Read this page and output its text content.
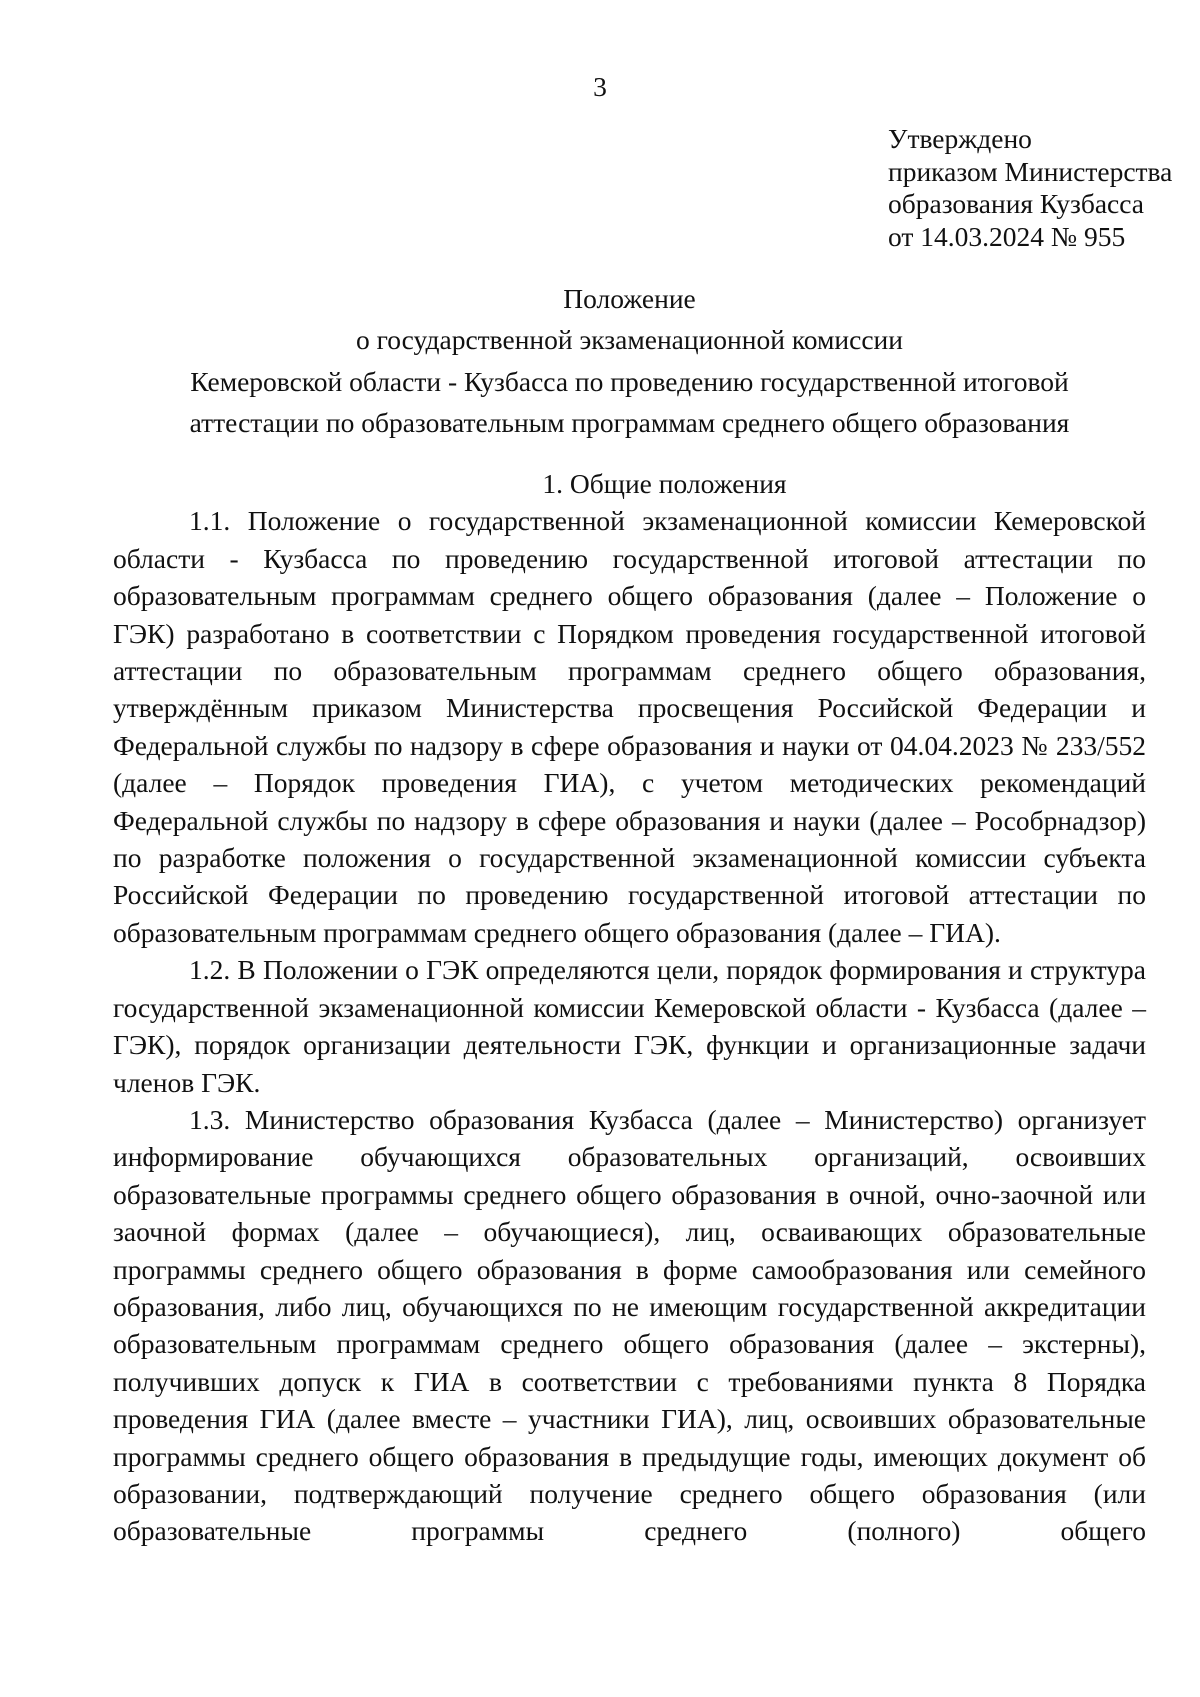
3
Утверждено
приказом Министерства
образования Кузбасса
от 14.03.2024 № 955
Положение
о государственной экзаменационной комиссии
Кемеровской области - Кузбасса по проведению государственной итоговой
аттестации по образовательным программам среднего общего образования
1. Общие положения

1.1. Положение о государственной экзаменационной комиссии Кемеровской области - Кузбасса по проведению государственной итоговой аттестации по образовательным программам среднего общего образования (далее – Положение о ГЭК) разработано в соответствии с Порядком проведения государственной итоговой аттестации по образовательным программам среднего общего образования, утверждённым приказом Министерства просвещения Российской Федерации и Федеральной службы по надзору в сфере образования и науки от 04.04.2023 № 233/552 (далее – Порядок проведения ГИА), с учетом методических рекомендаций Федеральной службы по надзору в сфере образования и науки (далее – Рособрнадзор) по разработке положения о государственной экзаменационной комиссии субъекта Российской Федерации по проведению государственной итоговой аттестации по образовательным программам среднего общего образования (далее – ГИА).

1.2. В Положении о ГЭК определяются цели, порядок формирования и структура государственной экзаменационной комиссии Кемеровской области - Кузбасса (далее – ГЭК), порядок организации деятельности ГЭК, функции и организационные задачи членов ГЭК.

1.3. Министерство образования Кузбасса (далее – Министерство) организует информирование обучающихся образовательных организаций, освоивших образовательные программы среднего общего образования в очной, очно-заочной или заочной формах (далее – обучающиеся), лиц, осваивающих образовательные программы среднего общего образования в форме самообразования или семейного образования, либо лиц, обучающихся по не имеющим государственной аккредитации образовательным программам среднего общего образования (далее – экстерны), получивших допуск к ГИА в соответствии с требованиями пункта 8 Порядка проведения ГИА (далее вместе – участники ГИА), лиц, освоивших образовательные программы среднего общего образования в предыдущие годы, имеющих документ об образовании, подтверждающий получение среднего общего образования (или образовательные программы среднего (полного) общего
